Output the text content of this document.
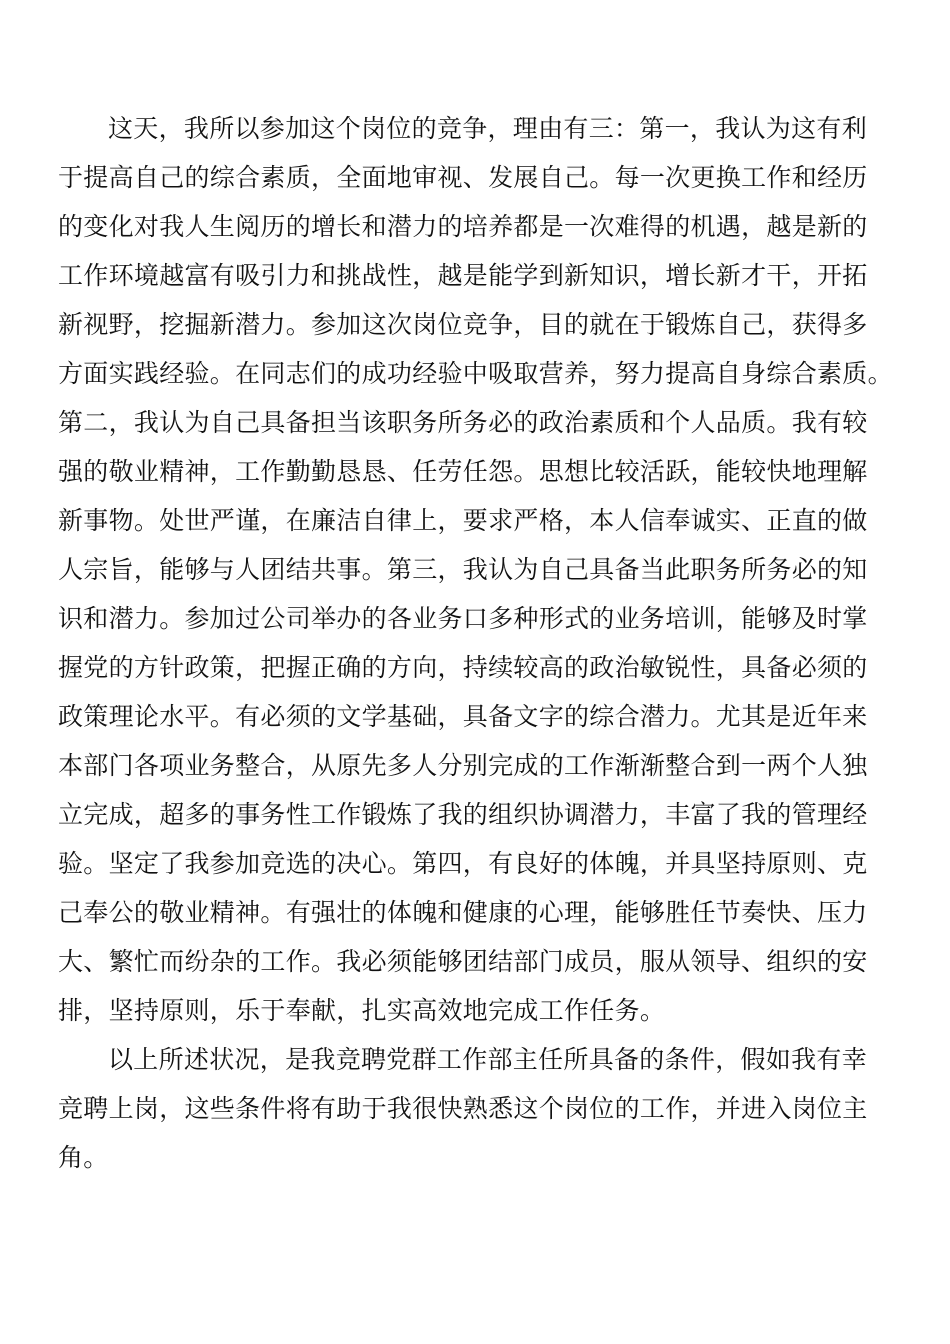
这天，我所以参加这个岗位的竞争，理由有三：第一，我认为这有利
于提高自己的综合素质，全面地审视、发展自己。每一次更换工作和经历
的变化对我人生阅历的增长和潜力的培养都是一次难得的机遇，越是新的
工作环境越富有吸引力和挑战性，越是能学到新知识，增长新才干，开拓
新视野，挖掘新潜力。参加这次岗位竞争，目的就在于锻炼自己，获得多
方面实践经验。在同志们的成功经验中吸取营养，努力提高自身综合素质。
第二，我认为自己具备担当该职务所务必的政治素质和个人品质。我有较
强的敬业精神，工作勤勤恳恳、任劳任怨。思想比较活跃，能较快地理解
新事物。处世严谨，在廉洁自律上，要求严格，本人信奉诚实、正直的做
人宗旨，能够与人团结共事。第三，我认为自己具备当此职务所务必的知
识和潜力。参加过公司举办的各业务口多种形式的业务培训，能够及时掌
握党的方针政策，把握正确的方向，持续较高的政治敏锐性，具备必须的
政策理论水平。有必须的文学基础，具备文字的综合潜力。尤其是近年来
本部门各项业务整合，从原先多人分别完成的工作渐渐整合到一两个人独
立完成，超多的事务性工作锻炼了我的组织协调潜力，丰富了我的管理经
验。坚定了我参加竞选的决心。第四，有良好的体魄，并具坚持原则、克
己奉公的敬业精神。有强壮的体魄和健康的心理，能够胜任节奏快、压力
大、繁忙而纷杂的工作。我必须能够团结部门成员，服从领导、组织的安
排，坚持原则，乐于奉献，扎实高效地完成工作任务。
以上所述状况，是我竞聘党群工作部主任所具备的条件，假如我有幸
竞聘上岗，这些条件将有助于我很快熟悉这个岗位的工作，并进入岗位主
角。
